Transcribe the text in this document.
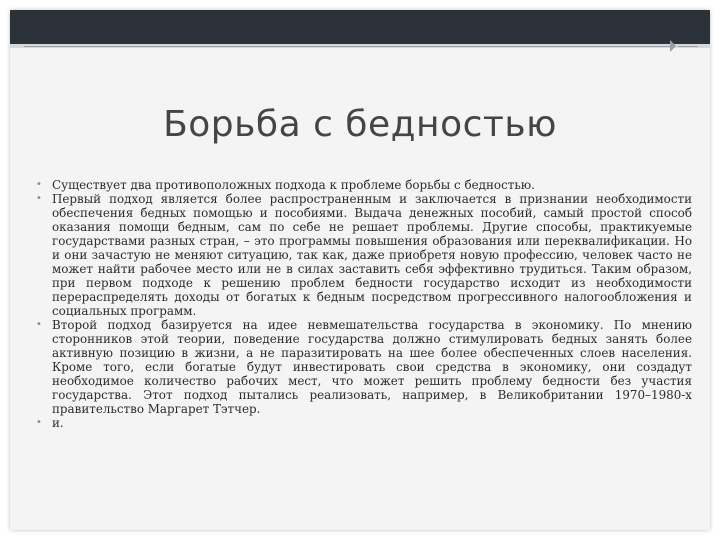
Борьба с бедностью
• Существует два противоположных подхода к проблеме борьбы с бедностью.
• Первый подход является более распространенным и заключается в признании необходимости обеспечения бедных помощью и пособиями. Выдача денежных пособий, самый простой способ оказания помощи бедным, сам по себе не решает проблемы. Другие способы, практикуемые государствами разных стран, – это программы повышения образования или переквалификации. Но и они зачастую не меняют ситуацию, так как, даже приобретя новую профессию, человек часто не может найти рабочее место или не в силах заставить себя эффективно трудиться. Таким образом, при первом подходе к решению проблем бедности государство исходит из необходимости перераспределять доходы от богатых к бедным посредством прогрессивного налогообложения и социальных программ.
• Второй подход базируется на идее невмешательства государства в экономику. По мнению сторонников этой теории, поведение государства должно стимулировать бедных занять более активную позицию в жизни, а не паразитировать на шее более обеспеченных слоев населения. Кроме того, если богатые будут инвестировать свои средства в экономику, они создадут необходимое количество рабочих мест, что может решить проблему бедности без участия государства. Этот подход пытались реализовать, например, в Великобритании 1970–1980-х правительство Маргарет Тэтчер.
• и.
